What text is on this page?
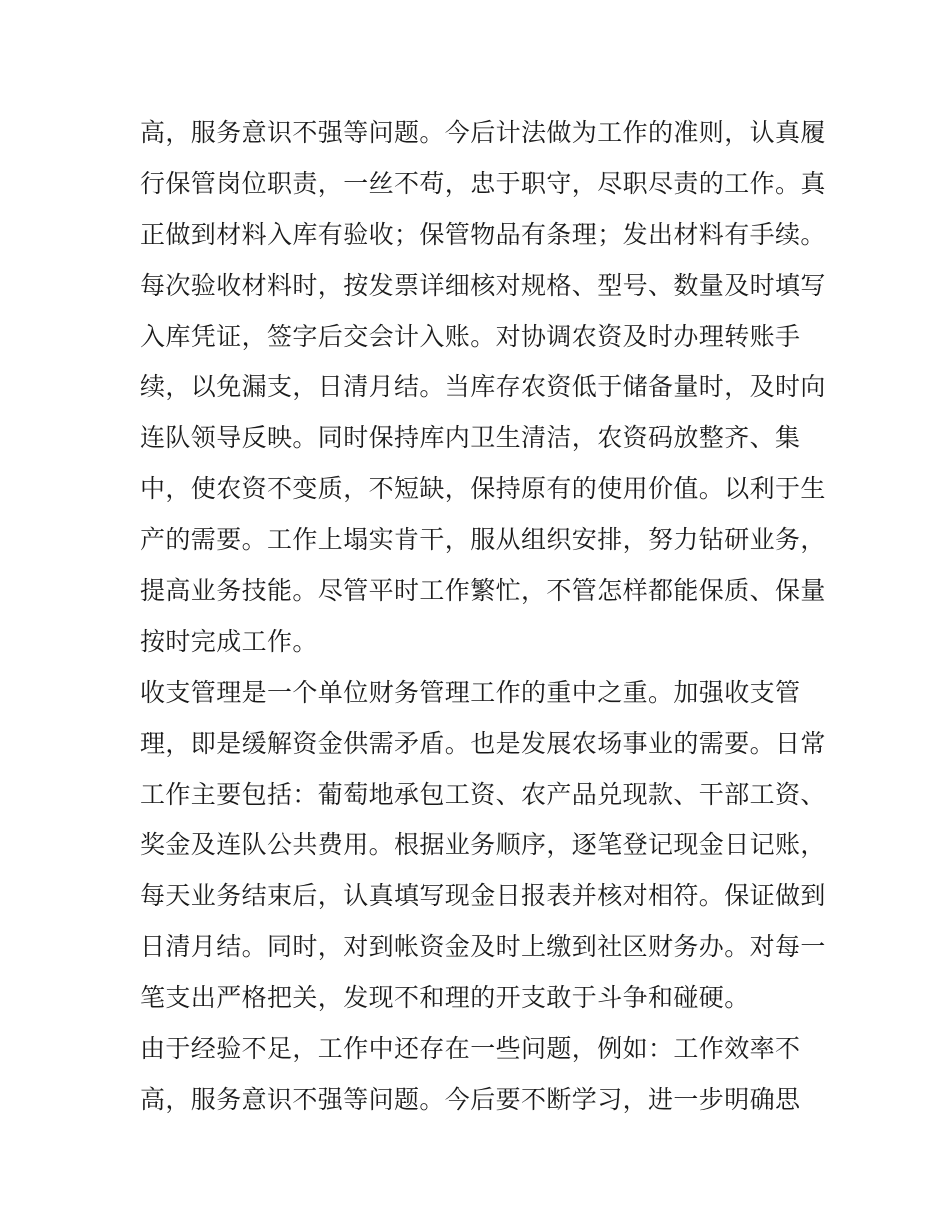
高，服务意识不强等问题。今后计法做为工作的准则，认真履
行保管岗位职责，一丝不苟，忠于职守，尽职尽责的工作。真
正做到材料入库有验收；保管物品有条理；发出材料有手续。
每次验收材料时，按发票详细核对规格、型号、数量及时填写
入库凭证，签字后交会计入账。对协调农资及时办理转账手
续，以免漏支，日清月结。当库存农资低于储备量时，及时向
连队领导反映。同时保持库内卫生清洁，农资码放整齐、集
中，使农资不变质，不短缺，保持原有的使用价值。以利于生
产的需要。工作上塌实肯干，服从组织安排，努力钻研业务，
提高业务技能。尽管平时工作繁忙，不管怎样都能保质、保量
按时完成工作。
收支管理是一个单位财务管理工作的重中之重。加强收支管
理，即是缓解资金供需矛盾。也是发展农场事业的需要。日常
工作主要包括：葡萄地承包工资、农产品兑现款、干部工资、
奖金及连队公共费用。根据业务顺序，逐笔登记现金日记账，
每天业务结束后，认真填写现金日报表并核对相符。保证做到
日清月结。同时，对到帐资金及时上缴到社区财务办。对每一
笔支出严格把关，发现不和理的开支敢于斗争和碰硬。
由于经验不足，工作中还存在一些问题，例如：工作效率不
高，服务意识不强等问题。今后要不断学习，进一步明确思
